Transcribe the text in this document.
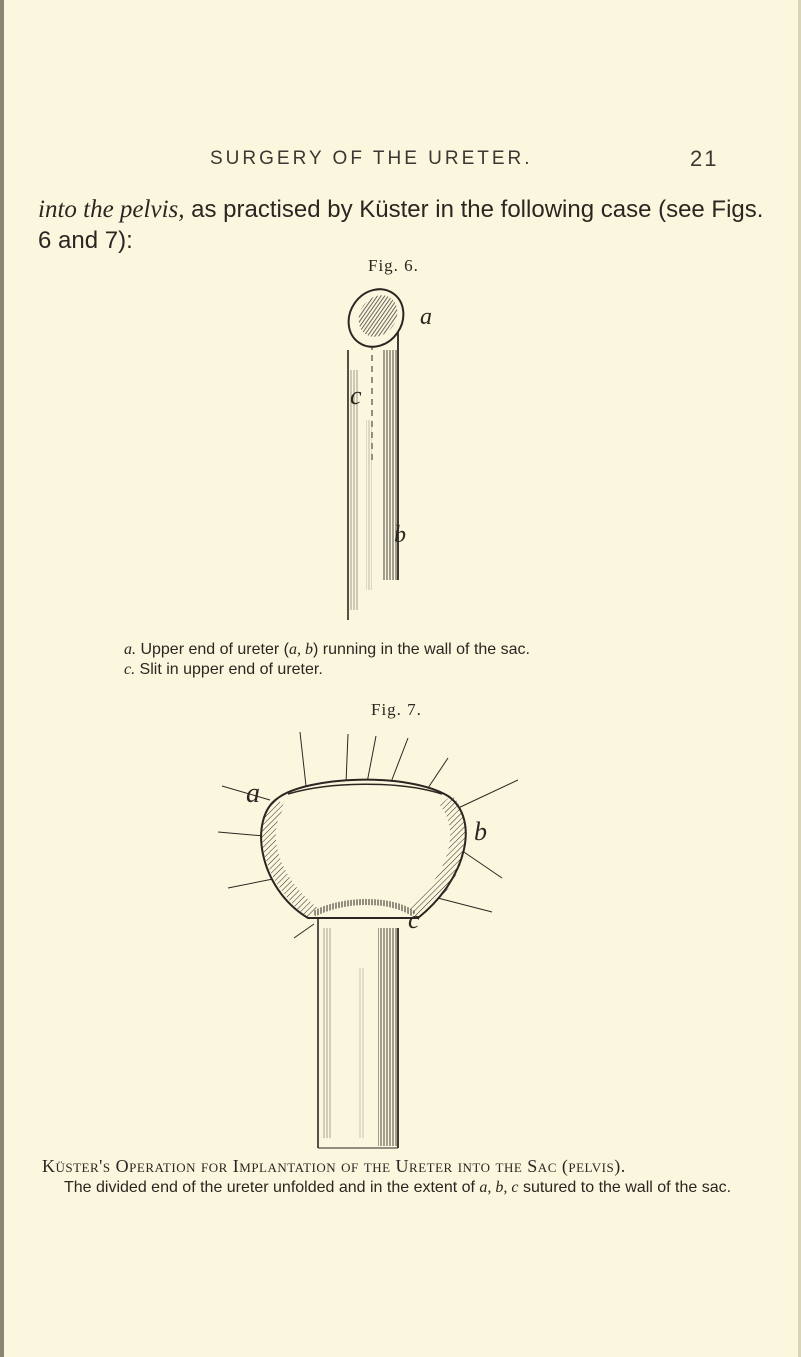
SURGERY OF THE URETER.	21
into the pelvis, as practised by Küster in the following case (see Figs. 6 and 7):
Fig. 6.
a
b
c
a. Upper end of ureter (a, b) running in the wall of the sac.
c. Slit in upper end of ureter.
Fig. 7.
a
b
c
Küster's Operation for Implantation of the Ureter into the Sac (pelvis).
The divided end of the ureter unfolded and in the extent of a, b, c sutured to the wall of the sac.
